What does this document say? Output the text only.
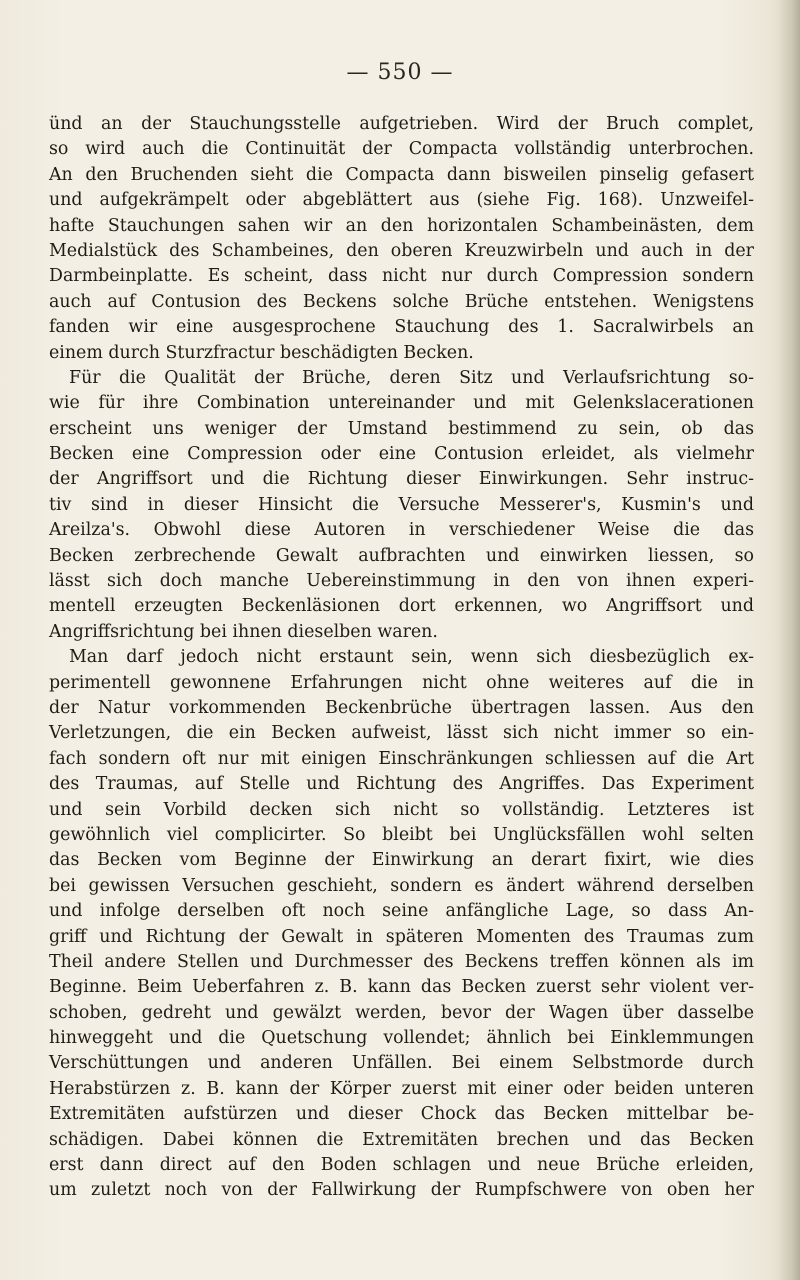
— 550 —
ünd an der Stauchungsstelle aufgetrieben. Wird der Bruch complet,
so wird auch die Continuität der Compacta vollständig unterbrochen.
An den Bruchenden sieht die Compacta dann bisweilen pinselig gefasert
und aufgekrämpelt oder abgeblättert aus (siehe Fig. 168). Unzweifel-
hafte Stauchungen sahen wir an den horizontalen Schambeinästen, dem
Medialstück des Schambeines, den oberen Kreuzwirbeln und auch in der
Darmbeinplatte. Es scheint, dass nicht nur durch Compression sondern
auch auf Contusion des Beckens solche Brüche entstehen. Wenigstens
fanden wir eine ausgesprochene Stauchung des 1. Sacralwirbels an
einem durch Sturzfractur beschädigten Becken.
Für die Qualität der Brüche, deren Sitz und Verlaufsrichtung so-
wie für ihre Combination untereinander und mit Gelenkslacerationen
erscheint uns weniger der Umstand bestimmend zu sein, ob das
Becken eine Compression oder eine Contusion erleidet, als vielmehr
der Angriffsort und die Richtung dieser Einwirkungen. Sehr instruc-
tiv sind in dieser Hinsicht die Versuche Messerer's, Kusmin's und
Areilza's. Obwohl diese Autoren in verschiedener Weise die das
Becken zerbrechende Gewalt aufbrachten und einwirken liessen, so
lässt sich doch manche Uebereinstimmung in den von ihnen experi-
mentell erzeugten Beckenläsionen dort erkennen, wo Angriffsort und
Angriffsrichtung bei ihnen dieselben waren.
Man darf jedoch nicht erstaunt sein, wenn sich diesbezüglich ex-
perimentell gewonnene Erfahrungen nicht ohne weiteres auf die in
der Natur vorkommenden Beckenbrüche übertragen lassen. Aus den
Verletzungen, die ein Becken aufweist, lässt sich nicht immer so ein-
fach sondern oft nur mit einigen Einschränkungen schliessen auf die Art
des Traumas, auf Stelle und Richtung des Angriffes. Das Experiment
und sein Vorbild decken sich nicht so vollständig. Letzteres ist
gewöhnlich viel complicirter. So bleibt bei Unglücksfällen wohl selten
das Becken vom Beginne der Einwirkung an derart fixirt, wie dies
bei gewissen Versuchen geschieht, sondern es ändert während derselben
und infolge derselben oft noch seine anfängliche Lage, so dass An-
griff und Richtung der Gewalt in späteren Momenten des Traumas zum
Theil andere Stellen und Durchmesser des Beckens treffen können als im
Beginne. Beim Ueberfahren z. B. kann das Becken zuerst sehr violent ver-
schoben, gedreht und gewälzt werden, bevor der Wagen über dasselbe
hinweggeht und die Quetschung vollendet; ähnlich bei Einklemmungen
Verschüttungen und anderen Unfällen. Bei einem Selbstmorde durch
Herabstürzen z. B. kann der Körper zuerst mit einer oder beiden unteren
Extremitäten aufstürzen und dieser Chock das Becken mittelbar be-
schädigen. Dabei können die Extremitäten brechen und das Becken
erst dann direct auf den Boden schlagen und neue Brüche erleiden,
um zuletzt noch von der Fallwirkung der Rumpfschwere von oben her
